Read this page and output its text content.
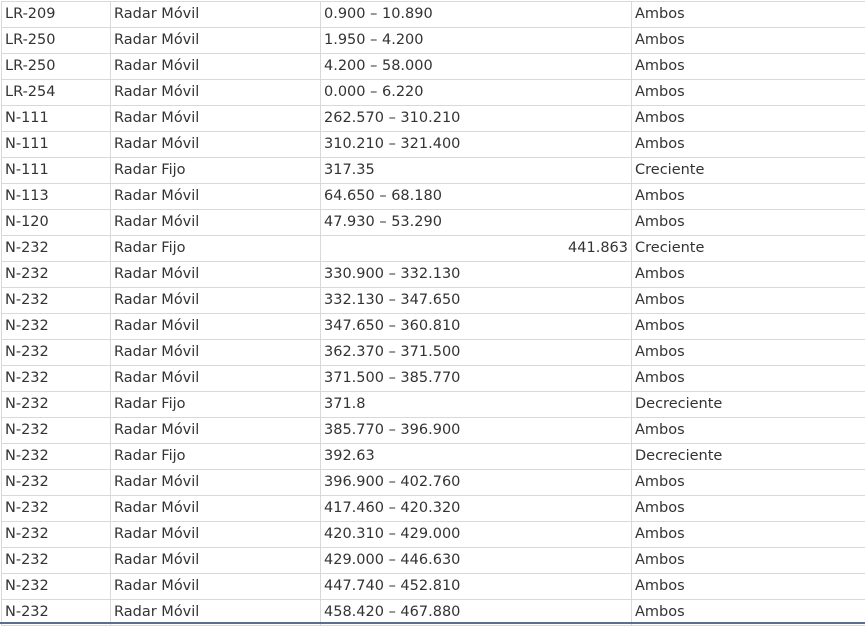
LR-209	Radar Móvil	0.900 – 10.890	Ambos
LR-250	Radar Móvil	1.950 – 4.200	Ambos
LR-250	Radar Móvil	4.200 – 58.000	Ambos
LR-254	Radar Móvil	0.000 – 6.220	Ambos
N-111	Radar Móvil	262.570 – 310.210	Ambos
N-111	Radar Móvil	310.210 – 321.400	Ambos
N-111	Radar Fijo	317.35	Creciente
N-113	Radar Móvil	64.650 – 68.180	Ambos
N-120	Radar Móvil	47.930 – 53.290	Ambos
N-232	Radar Fijo	441.863	Creciente
N-232	Radar Móvil	330.900 – 332.130	Ambos
N-232	Radar Móvil	332.130 – 347.650	Ambos
N-232	Radar Móvil	347.650 – 360.810	Ambos
N-232	Radar Móvil	362.370 – 371.500	Ambos
N-232	Radar Móvil	371.500 – 385.770	Ambos
N-232	Radar Fijo	371.8	Decreciente
N-232	Radar Móvil	385.770 – 396.900	Ambos
N-232	Radar Fijo	392.63	Decreciente
N-232	Radar Móvil	396.900 – 402.760	Ambos
N-232	Radar Móvil	417.460 – 420.320	Ambos
N-232	Radar Móvil	420.310 – 429.000	Ambos
N-232	Radar Móvil	429.000 – 446.630	Ambos
N-232	Radar Móvil	447.740 – 452.810	Ambos
N-232	Radar Móvil	458.420 – 467.880	Ambos
